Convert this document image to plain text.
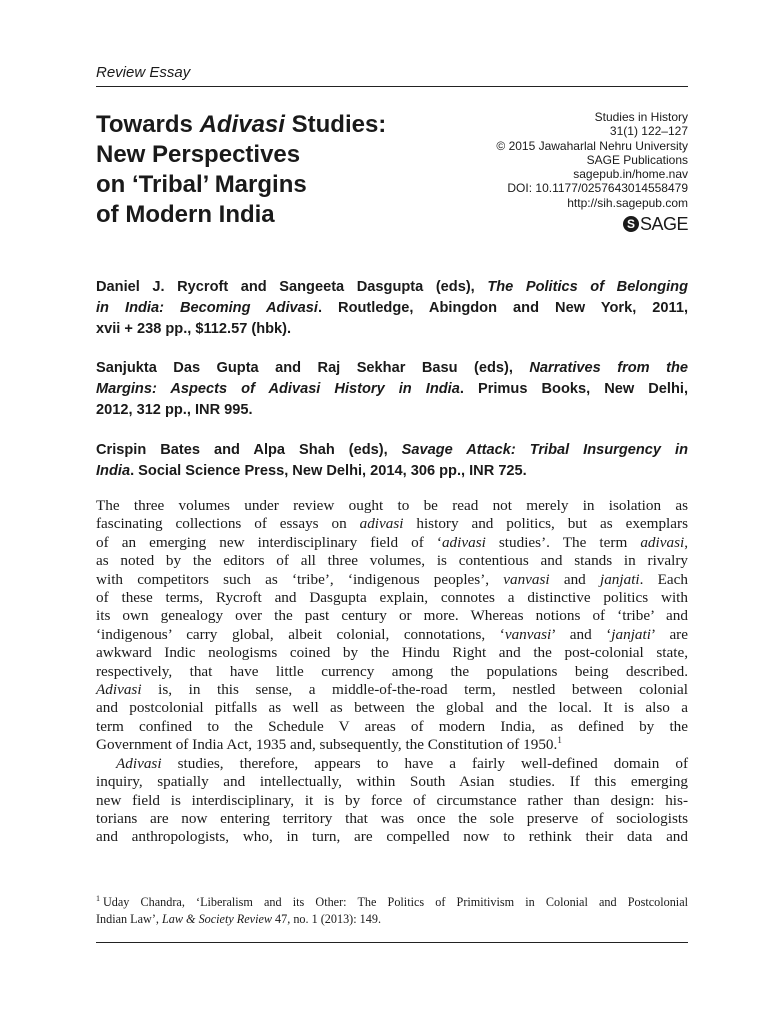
Review Essay
Towards Adivasi Studies:
New Perspectives
on ‘Tribal’ Margins
of Modern India
Studies in History
31(1) 122–127
© 2015 Jawaharlal Nehru University
SAGE Publications
sagepub.in/home.nav
DOI: 10.1177/0257643014558479
http://sih.sagepub.com
S SAGE

Daniel J. Rycroft and Sangeeta Dasgupta (eds), The Politics of Belonging
in India: Becoming Adivasi. Routledge, Abingdon and New York, 2011,
xvii + 238 pp., $112.57 (hbk).

Sanjukta Das Gupta and Raj Sekhar Basu (eds), Narratives from the
Margins: Aspects of Adivasi History in India. Primus Books, New Delhi,
2012, 312 pp., INR 995.

Crispin Bates and Alpa Shah (eds), Savage Attack: Tribal Insurgency in
India. Social Science Press, New Delhi, 2014, 306 pp., INR 725.

The three volumes under review ought to be read not merely in isolation as
fascinating collections of essays on adivasi history and politics, but as exemplars
of an emerging new interdisciplinary field of ‘adivasi studies’. The term adivasi,
as noted by the editors of all three volumes, is contentious and stands in rivalry
with competitors such as ‘tribe’, ‘indigenous peoples’, vanvasi and janjati. Each
of these terms, Rycroft and Dasgupta explain, connotes a distinctive politics with
its own genealogy over the past century or more. Whereas notions of ‘tribe’ and
‘indigenous’ carry global, albeit colonial, connotations, ‘vanvasi’ and ‘janjati’ are
awkward Indic neologisms coined by the Hindu Right and the post-colonial state,
respectively, that have little currency among the populations being described.
Adivasi is, in this sense, a middle-of-the-road term, nestled between colonial
and postcolonial pitfalls as well as between the global and the local. It is also a
term confined to the Schedule V areas of modern India, as defined by the
Government of India Act, 1935 and, subsequently, the Constitution of 1950.$^1$
Adivasi studies, therefore, appears to have a fairly well-defined domain of
inquiry, spatially and intellectually, within South Asian studies. If this emerging
new field is interdisciplinary, it is by force of circumstance rather than design: his-
torians are now entering territory that was once the sole preserve of sociologists
and anthropologists, who, in turn, are compelled now to rethink their data and
$^1$ Uday Chandra, ‘Liberalism and its Other: The Politics of Primitivism in Colonial and Postcolonial
Indian Law’, Law & Society Review 47, no. 1 (2013): 149.
